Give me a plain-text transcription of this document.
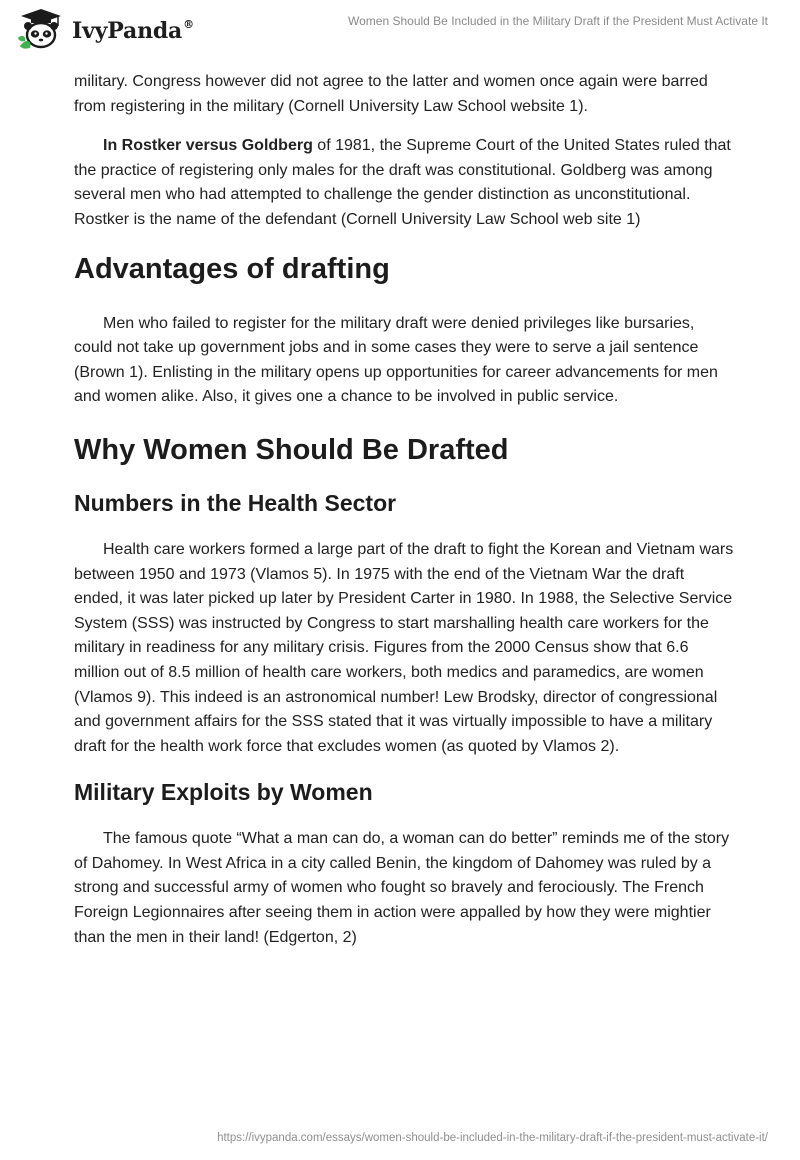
IvyPanda®	Women Should Be Included in the Military Draft if the President Must Activate It

military. Congress however did not agree to the latter and women once again were barred from registering in the military (Cornell University Law School website 1).

In Rostker versus Goldberg of 1981, the Supreme Court of the United States ruled that the practice of registering only males for the draft was constitutional. Goldberg was among several men who had attempted to challenge the gender distinction as unconstitutional. Rostker is the name of the defendant (Cornell University Law School web site 1)

Advantages of drafting

Men who failed to register for the military draft were denied privileges like bursaries, could not take up government jobs and in some cases they were to serve a jail sentence (Brown 1). Enlisting in the military opens up opportunities for career advancements for men and women alike. Also, it gives one a chance to be involved in public service.

Why Women Should Be Drafted
Numbers in the Health Sector

Health care workers formed a large part of the draft to fight the Korean and Vietnam wars between 1950 and 1973 (Vlamos 5). In 1975 with the end of the Vietnam War the draft ended, it was later picked up later by President Carter in 1980. In 1988, the Selective Service System (SSS) was instructed by Congress to start marshalling health care workers for the military in readiness for any military crisis. Figures from the 2000 Census show that 6.6 million out of 8.5 million of health care workers, both medics and paramedics, are women (Vlamos 9). This indeed is an astronomical number! Lew Brodsky, director of congressional and government affairs for the SSS stated that it was virtually impossible to have a military draft for the health work force that excludes women (as quoted by Vlamos 2).

Military Exploits by Women

The famous quote “What a man can do, a woman can do better” reminds me of the story of Dahomey. In West Africa in a city called Benin, the kingdom of Dahomey was ruled by a strong and successful army of women who fought so bravely and ferociously. The French Foreign Legionnaires after seeing them in action were appalled by how they were mightier than the men in their land! (Edgerton, 2)

https://ivypanda.com/essays/women-should-be-included-in-the-military-draft-if-the-president-must-activate-it/
